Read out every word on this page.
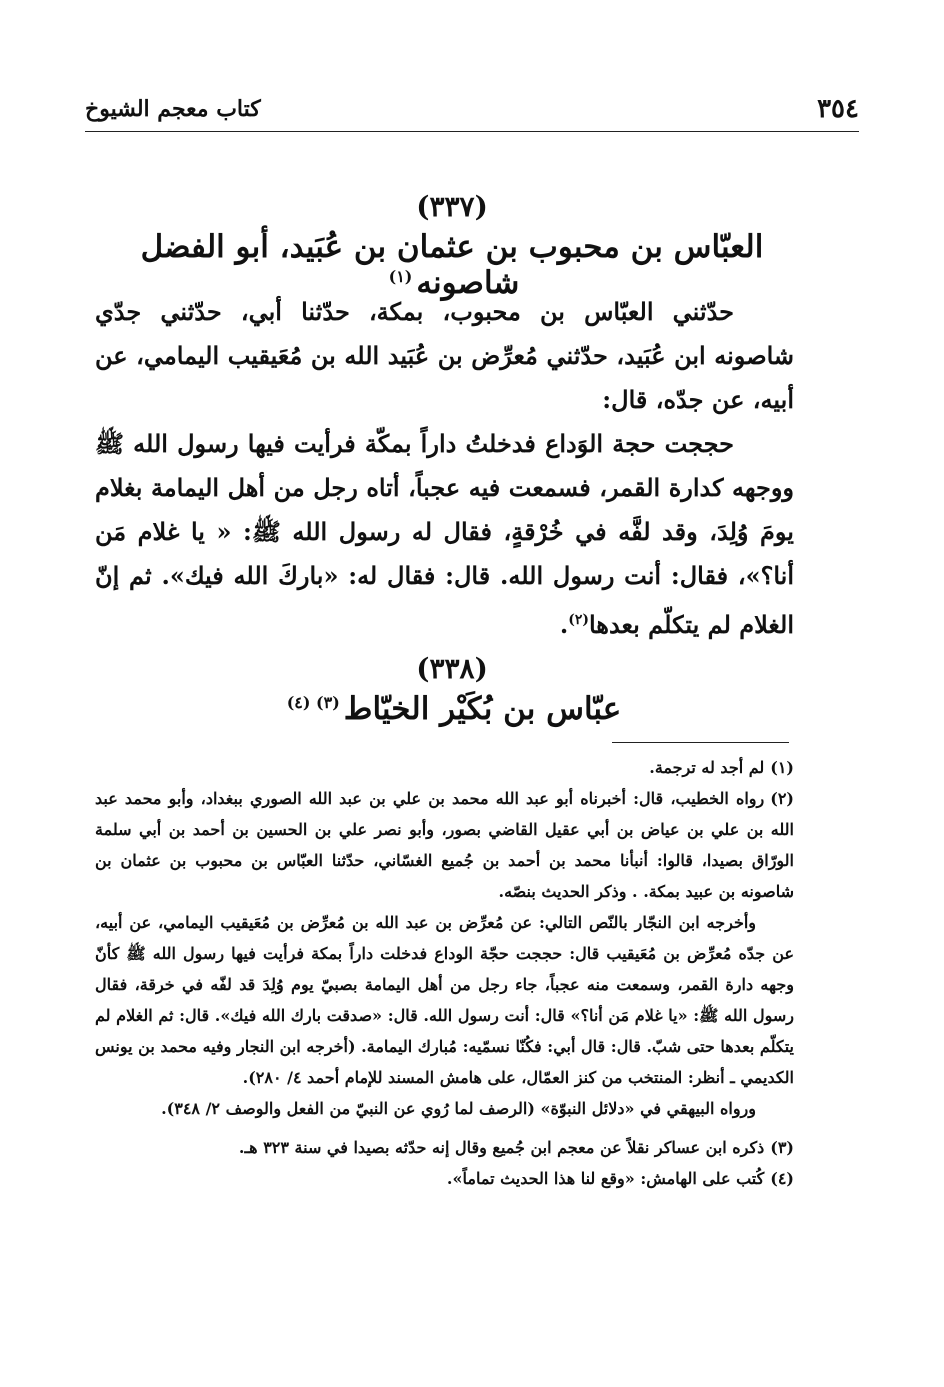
٣٥٤
كتاب معجم الشيوخ
(٣٣٧)
العبّاس بن محبوب بن عثمان بن عُبَيد، أبو الفضل شاصونه$^{(١)}$

حدّثني العبّاس بن محبوب، بمكة، حدّثنا أبي، حدّثني جدّي شاصونه ابن عُبَيد، حدّثني مُعرِّض بن عُبَيد الله بن مُعَيقيب اليمامي، عن أبيه، عن جدّه، قال:

حججت حجة الوَداع فدخلتُ داراً بمكّة فرأيت فيها رسول الله ﷺ ووجهه كدارة القمر، فسمعت فيه عجباً، أتاه رجل من أهل اليمامة بغلام يومَ وُلِدَ، وقد لفَّه في خُرْقةٍ، فقال له رسول الله ﷺ: « يا غلام مَن أنا؟»، فقال: أنت رسول الله. قال: فقال له: «باركَ الله فيك». ثم إنّ الغلام لم يتكلّم بعدها$^{(٢)}$.

(٣٣٨)
عبّاس بن بُكَيْر الخيّاط$^{(٣) (٤)}$

(١)لم أجد له ترجمة.

(٢)رواه الخطيب، قال: أخبرناه أبو عبد الله محمد بن علي بن عبد الله الصوري ببغداد، وأبو محمد عبد الله بن علي بن عياض بن أبي عقيل القاضي بصور، وأبو نصر علي بن الحسين بن أحمد بن أبي سلمة الورّاق بصيدا، قالوا: أنبأنا محمد بن أحمد بن جُميع الغسّاني، حدّثنا العبّاس بن محبوب بن عثمان بن شاصونه بن عبيد بمكة. . وذكر الحديث بنصّه.

وأخرجه ابن النجّار بالنّص التالي: عن مُعرِّض بن عبد الله بن مُعرِّض بن مُعَيقيب اليمامي، عن أبيه، عن جدّه مُعرِّض بن مُعَيقيب قال: حججت حجّة الوداع فدخلت داراً بمكة فرأيت فيها رسول الله ﷺ كأنّ وجهه دارة القمر، وسمعت منه عجباً، جاء رجل من أهل اليمامة بصبيّ يوم وُلِدَ قد لفّه في خرقة، فقال رسول الله ﷺ: «يا غلام مَن أنا؟» قال: أنت رسول الله. قال: «صدقت بارك الله فيك». قال: ثم الغلام لم يتكلّم بعدها حتى شبّ. قال: قال أبي: فكُنّا نسمّيه: مُبارك اليمامة. (أخرجه ابن النجار وفيه محمد بن يونس الكديمي ـ أنظر: المنتخب من كنز العمّال، على هامش المسند للإمام أحمد ٤/ ٢٨٠).

ورواه البيهقي في «دلائل النبوّة» (الرصف لما رُوي عن النبيّ من الفعل والوصف ٢/ ٣٤٨).

(٣)ذكره ابن عساكر نقلاً عن معجم ابن جُميع وقال إنه حدّثه بصيدا في سنة ٣٢٣ هـ.

(٤)كُتب على الهامش: «وقع لنا هذا الحديث تماماً».
